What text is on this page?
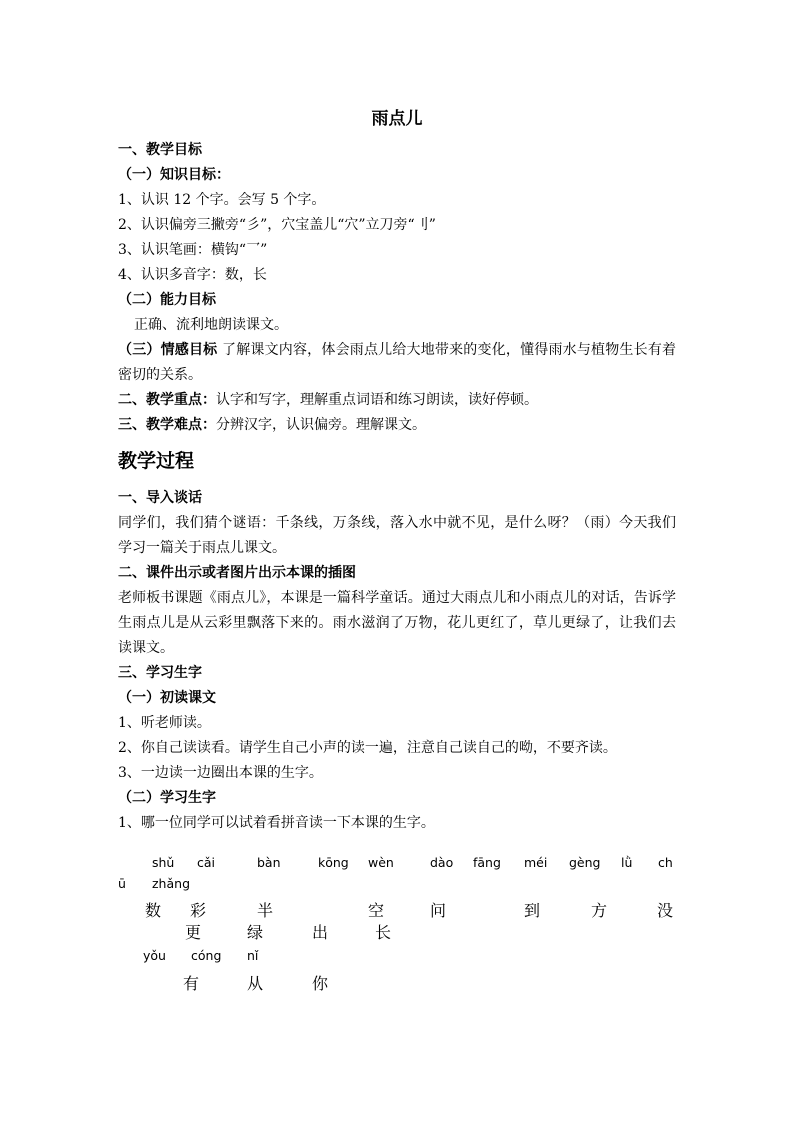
雨点儿
一、教学目标
（一）知识目标：
1、认识 12 个字。会写 5 个字。
2、认识偏旁三撇旁“彡”，穴宝盖儿“穴”立刀旁“刂”
3、认识笔画：横钩“乛”
4、认识多音字：数，长
（二）能力目标
正确、流利地朗读课文。
（三）情感目标 了解课文内容，体会雨点儿给大地带来的变化，懂得雨水与植物生长有着密切的关系。
二、教学重点：认字和写字，理解重点词语和练习朗读，读好停顿。
三、教学难点：分辨汉字，认识偏旁。理解课文。
教学过程
一、导入谈话
同学们，我们猜个谜语：千条线，万条线，落入水中就不见，是什么呀？（雨）今天我们学习一篇关于雨点儿课文。
二、课件出示或者图片出示本课的插图
老师板书课题《雨点儿》，本课是一篇科学童话。通过大雨点儿和小雨点儿的对话，告诉学生雨点儿是从云彩里飘落下来的。雨水滋润了万物，花儿更红了，草儿更绿了，让我们去读课文。
三、学习生字
（一）初读课文
1、听老师读。
2、你自己读读看。请学生自己小声的读一遍，注意自己读自己的呦，不要齐读。
3、一边读一边圈出本课的生字。
（二）学习生字
1、哪一位同学可以试着看拼音读一下本课的生字。
shǔ cǎi	bàn	kōng wèn	dào fāng méi gèng lǜ ch
ū zhǎng
数 彩	半	空	问	到	方	没
更	绿	出	长
yǒu cóng nǐ
有	从	你
